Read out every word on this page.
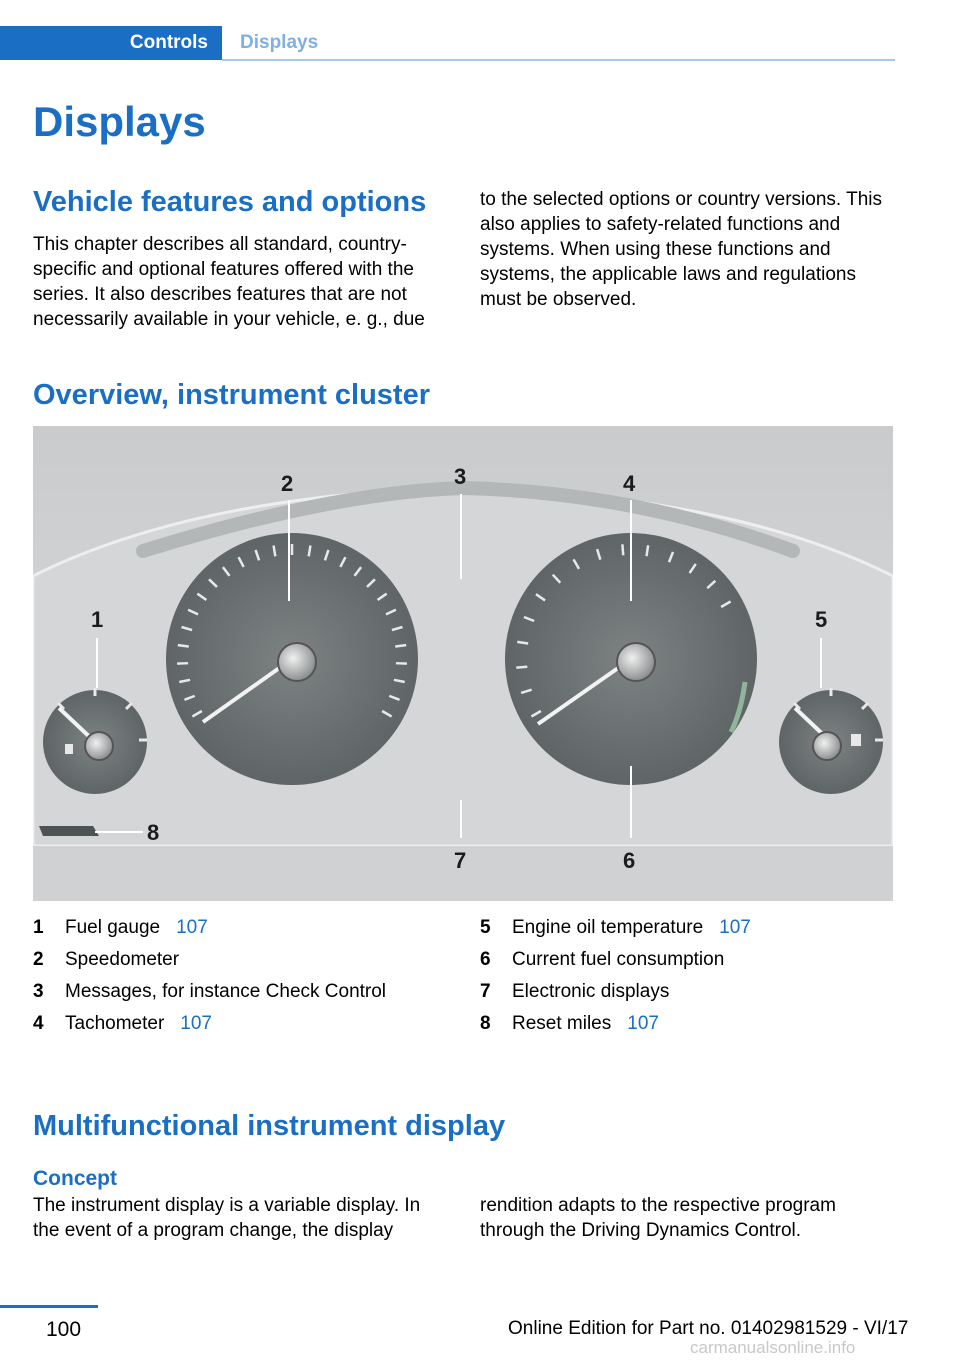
Controls Displays
Displays
Vehicle features and options

This chapter describes all standard, country-specific and optional features offered with the series. It also describes features that are not necessarily available in your vehicle, e. g., due

to the selected options or country versions. This also applies to safety-related functions and systems. When using these functions and systems, the applicable laws and regulations must be observed.

Overview, instrument cluster
1
2	3	4
5
6
7
8
1	Fuel gauge 107
2	Speedometer
3	Messages, for instance Check Control
4	Tachometer 107
5	Engine oil temperature 107
6	Current fuel consumption
7	Electronic displays
8	Reset miles 107
Multifunctional instrument display
Concept

The instrument display is a variable display. In the event of a program change, the display

rendition adapts to the respective program through the Driving Dynamics Control.

100	Online Edition for Part no. 01402981529 - VI/17
carmanualsonline.info
